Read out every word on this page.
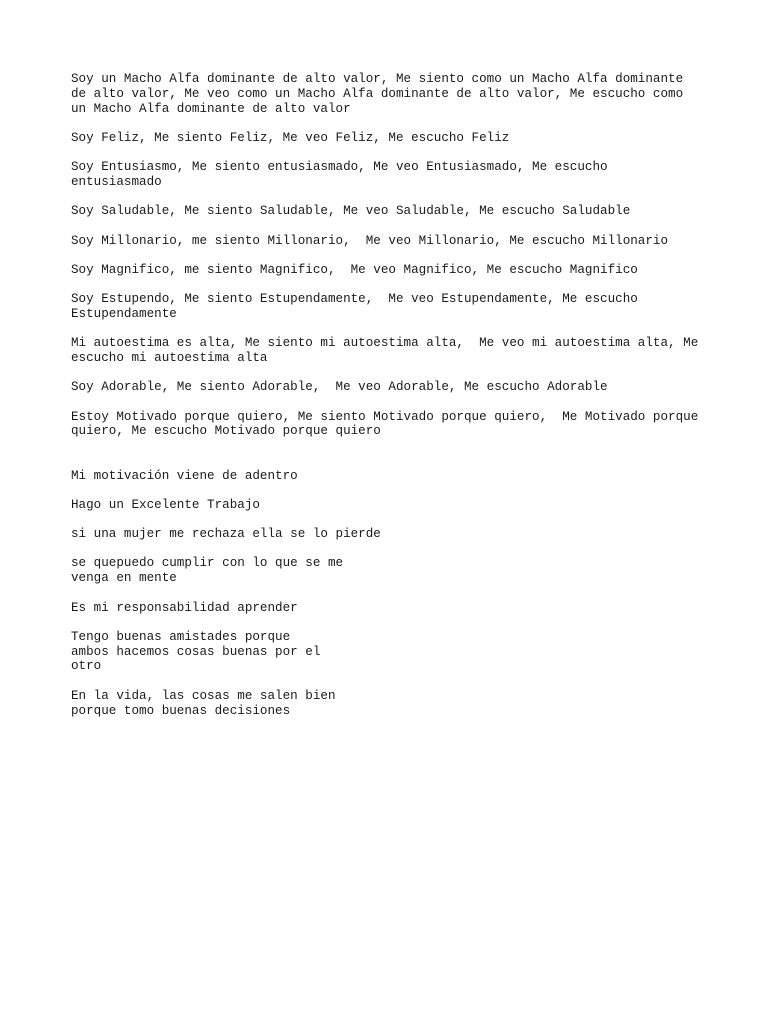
Soy un Macho Alfa dominante de alto valor, Me siento como un Macho Alfa dominante
de alto valor, Me veo como un Macho Alfa dominante de alto valor, Me escucho como
un Macho Alfa dominante de alto valor

Soy Feliz, Me siento Feliz, Me veo Feliz, Me escucho Feliz

Soy Entusiasmo, Me siento entusiasmado, Me veo Entusiasmado, Me escucho
entusiasmado

Soy Saludable, Me siento Saludable, Me veo Saludable, Me escucho Saludable

Soy Millonario, me siento Millonario,  Me veo Millonario, Me escucho Millonario

Soy Magnifico, me siento Magnifico,  Me veo Magnifico, Me escucho Magnifico

Soy Estupendo, Me siento Estupendamente,  Me veo Estupendamente, Me escucho
Estupendamente

Mi autoestima es alta, Me siento mi autoestima alta,  Me veo mi autoestima alta, Me
escucho mi autoestima alta

Soy Adorable, Me siento Adorable,  Me veo Adorable, Me escucho Adorable

Estoy Motivado porque quiero, Me siento Motivado porque quiero,  Me Motivado porque
quiero, Me escucho Motivado porque quiero

Mi motivación viene de adentro

Hago un Excelente Trabajo

si una mujer me rechaza ella se lo pierde

se quepuedo cumplir con lo que se me
venga en mente

Es mi responsabilidad aprender

Tengo buenas amistades porque
ambos hacemos cosas buenas por el
otro

En la vida, las cosas me salen bien
porque tomo buenas decisiones
